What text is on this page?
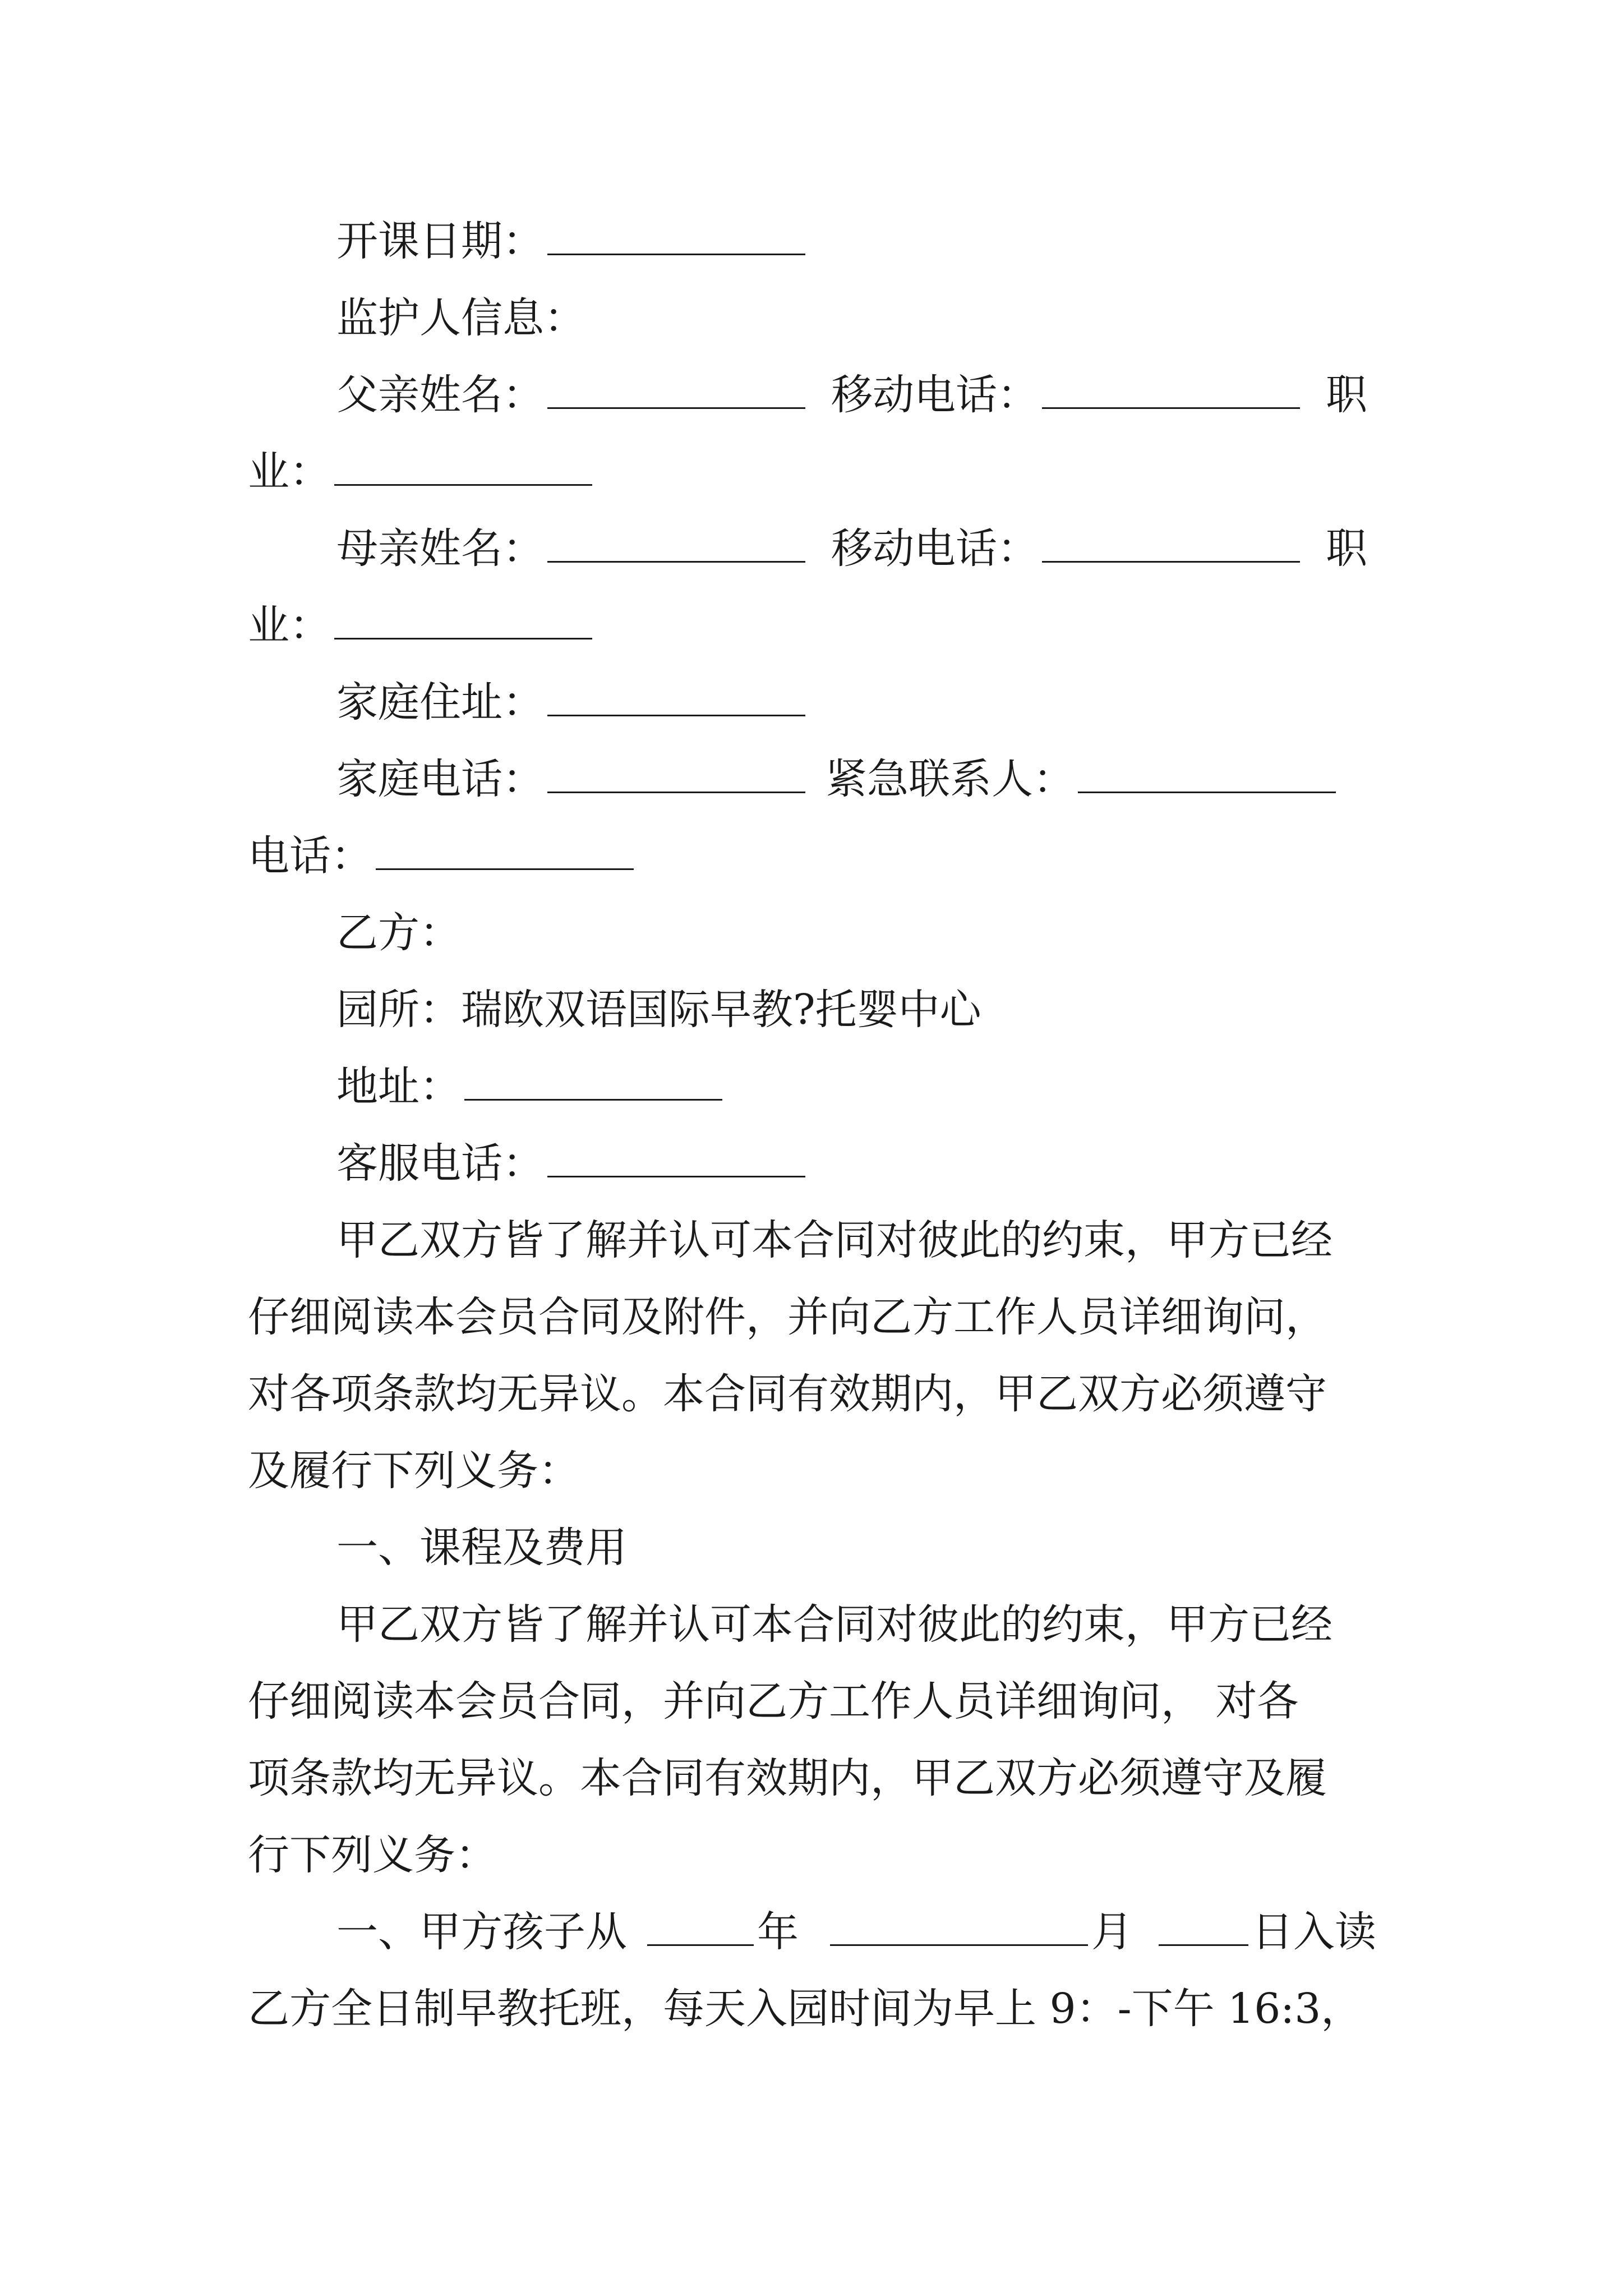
开课日期：
监护人信息：
父亲姓名：	移动电话：	职
业：
母亲姓名：	移动电话：	职
业：
家庭住址：
家庭电话：	紧急联系人：
电话：
乙方：
园所：瑞欧双语国际早教?托婴中心
地址：
客服电话：
甲乙双方皆了解并认可本合同对彼此的约束，甲方已经
仔细阅读本会员合同及附件，并向乙方工作人员详细询问，
对各项条款均无异议。本合同有效期内，甲乙双方必须遵守
及履行下列义务：
一、课程及费用
甲乙双方皆了解并认可本合同对彼此的约束，甲方已经
仔细阅读本会员合同，并向乙方工作人员详细询问， 对各
项条款均无异议。本合同有效期内，甲乙双方必须遵守及履
行下列义务：
一、甲方孩子从	年	月	日入读
乙方全日制早教托班，每天入园时间为早上 9：-下午 16:3，
